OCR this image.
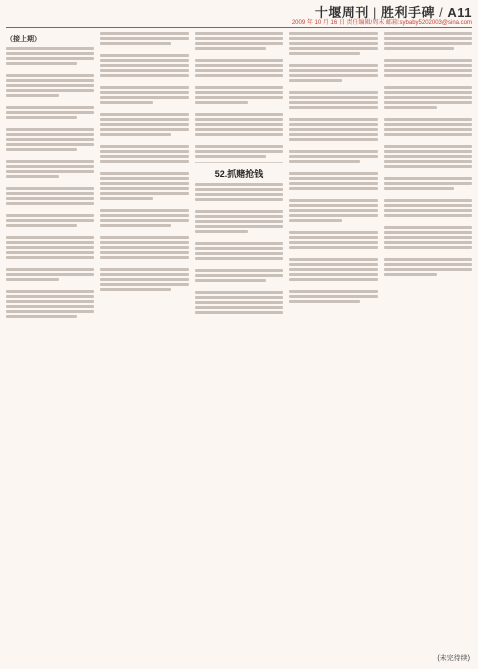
十堰周刊 | 胜利手碑 / A11
2009 年 10 月 16 日 责任编辑/周末 邮箱:sybaby5202003@sina.com
（接上期）
52.抓赌抢钱
(未完待续)
